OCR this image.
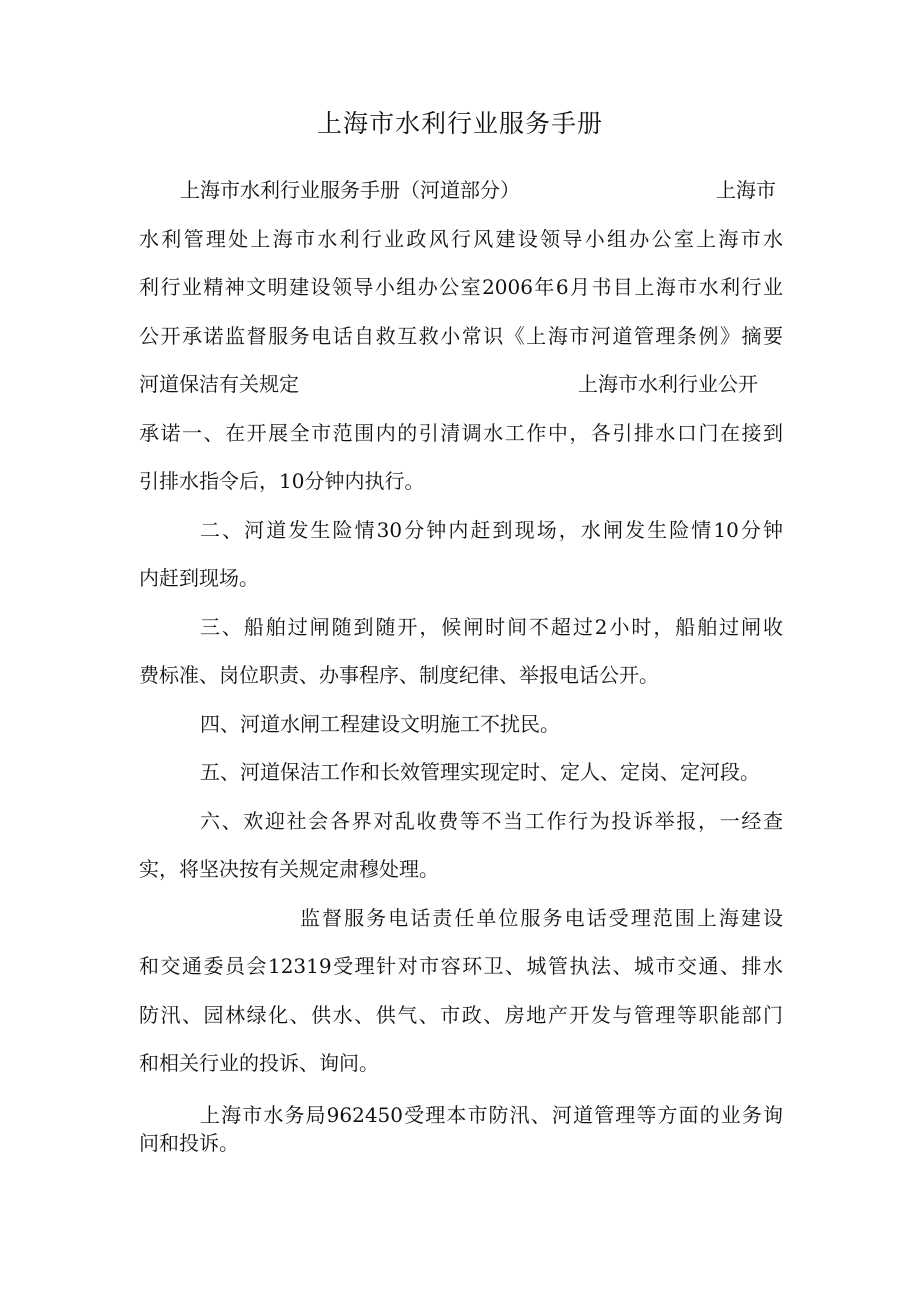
上海市水利行业服务手册
上海市水利行业服务手册（河道部分）	上海市
水利管理处上海市水利行业政风行风建设领导小组办公室上海市水
利行业精神文明建设领导小组办公室2006年6月书目上海市水利行业
公开承诺监督服务电话自救互救小常识《上海市河道管理条例》摘要
河道保洁有关规定	上海市水利行业公开
承诺一、在开展全市范围内的引清调水工作中，各引排水口门在接到
引排水指令后，10分钟内执行。
二、河道发生险情30分钟内赶到现场，水闸发生险情10分钟
内赶到现场。
三、船舶过闸随到随开，候闸时间不超过2小时，船舶过闸收
费标准、岗位职责、办事程序、制度纪律、举报电话公开。
四、河道水闸工程建设文明施工不扰民。
五、河道保洁工作和长效管理实现定时、定人、定岗、定河段。
六、欢迎社会各界对乱收费等不当工作行为投诉举报，一经查
实，将坚决按有关规定肃穆处理。
监督服务电话责任单位服务电话受理范围上海建设
和交通委员会12319受理针对市容环卫、城管执法、城市交通、排水
防汛、园林绿化、供水、供气、市政、房地产开发与管理等职能部门
和相关行业的投诉、询问。
上海市水务局962450受理本市防汛、河道管理等方面的业务询
问和投诉。
